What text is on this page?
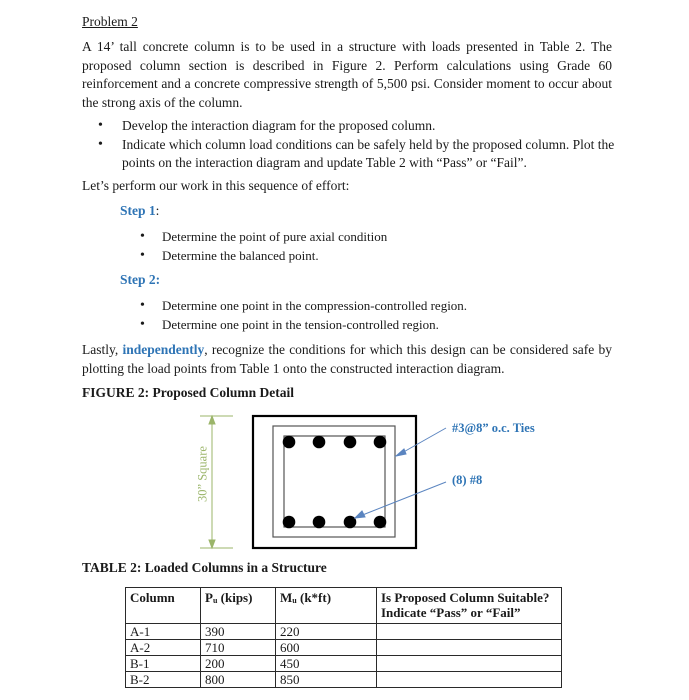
Problem 2
A 14’ tall concrete column is to be used in a structure with loads presented in Table 2. The proposed column section is described in Figure 2. Perform calculations using Grade 60 reinforcement and a concrete compressive strength of 5,500 psi. Consider moment to occur about the strong axis of the column.
• Develop the interaction diagram for the proposed column.
• Indicate which column load conditions can be safely held by the proposed column. Plot the points on the interaction diagram and update Table 2 with “Pass” or “Fail”.
Let’s perform our work in this sequence of effort:
Step 1:
• Determine the point of pure axial condition
• Determine the balanced point.
Step 2:
• Determine one point in the compression-controlled region.
• Determine one point in the tension-controlled region.
Lastly, independently, recognize the conditions for which this design can be considered safe by plotting the load points from Table 1 onto the constructed interaction diagram.
FIGURE 2: Proposed Column Detail
30” Square
#3@8” o.c. Ties
(8) #8
TABLE 2: Loaded Columns in a Structure
Column	$P_u$ (kips)	$M_u$ (k*ft)	Is Proposed Column Suitable?
Indicate “Pass” or “Fail”

A-1	390	220	
A-2	710	600	
B-1	200	450	
B-2	800	850	
